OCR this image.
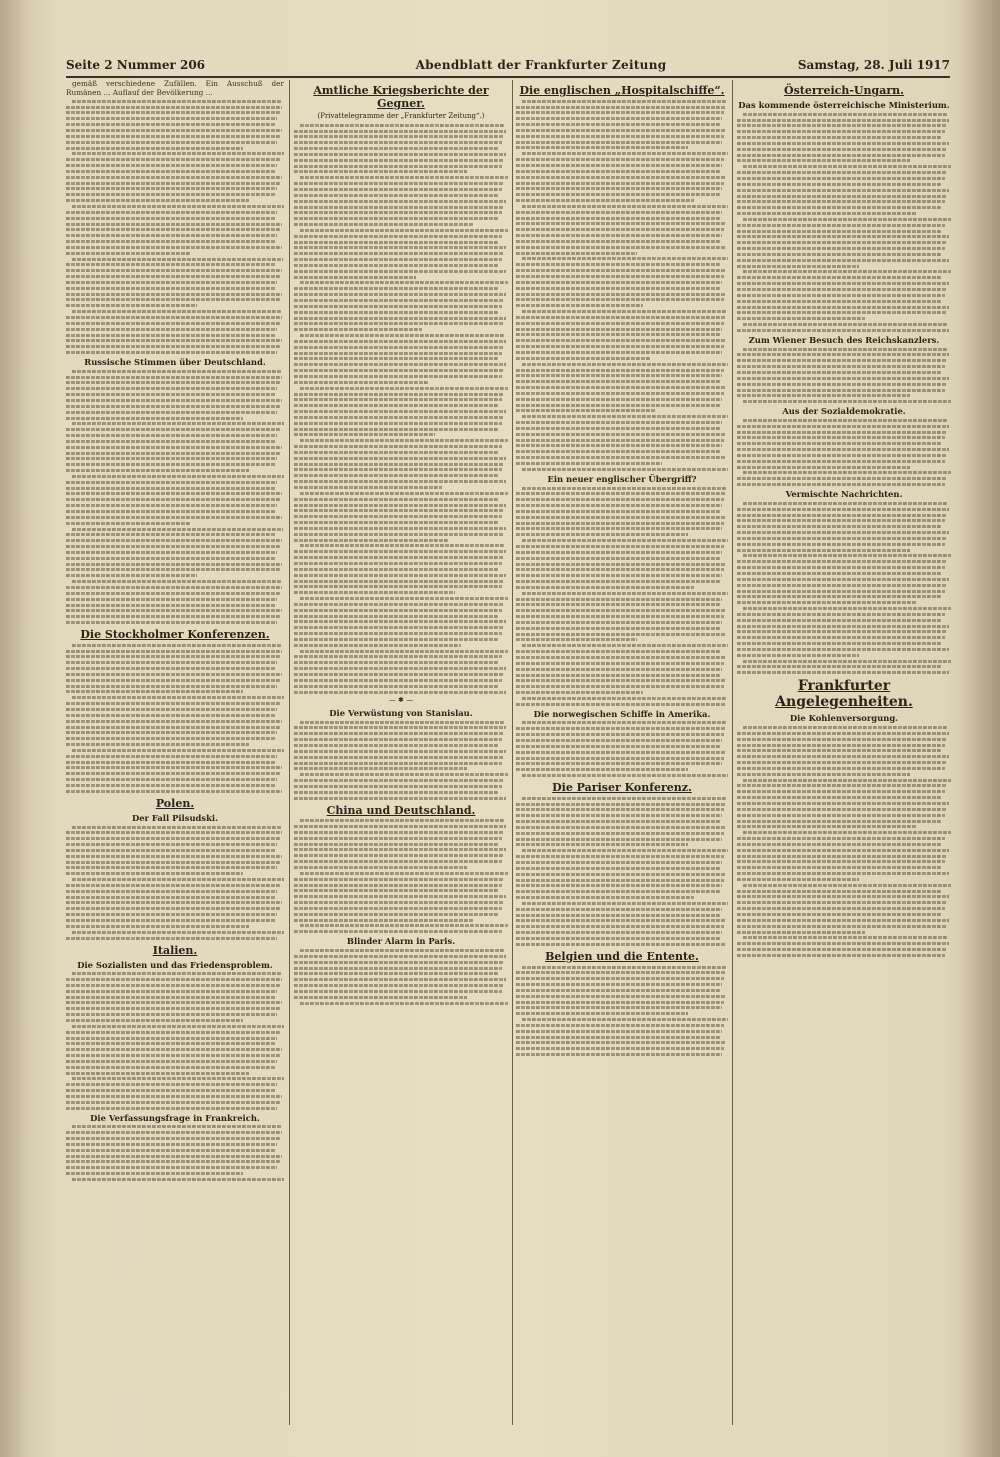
Seite 2 Nummer 206	Abendblatt der Frankfurter Zeitung	Samstag, 28. Juli 1917

gemäß verschiedene Zufällen. Ein Ausschuß der Rumänen ... Auflauf der Bevölkerung ...

Russische Stimmen über Deutschland.
Die Stockholmer Konferenzen.
Polen.
Der Fall Pilsudski.
Italien.
Die Sozialisten und das Friedensproblem.
Die Verfassungsfrage in Frankreich.
Amtliche Kriegsberichte der Gegner.
(Privattelegramme der „Frankfurter Zeitung“.)
— ✱ —
Die Verwüstung von Stanislau.
China und Deutschland.
Blinder Alarm in Paris.
Die englischen „Hospitalschiffe“.
Ein neuer englischer Übergriff?
Die norwegischen Schiffe in Amerika.
Die Pariser Konferenz.
Belgien und die Entente.
Österreich-Ungarn.
Das kommende österreichische Ministerium.
Zum Wiener Besuch des Reichskanzlers.
Aus der Sozialdemokratie.
Vermischte Nachrichten.
Frankfurter Angelegenheiten.
Die Kohlenversorgung.
